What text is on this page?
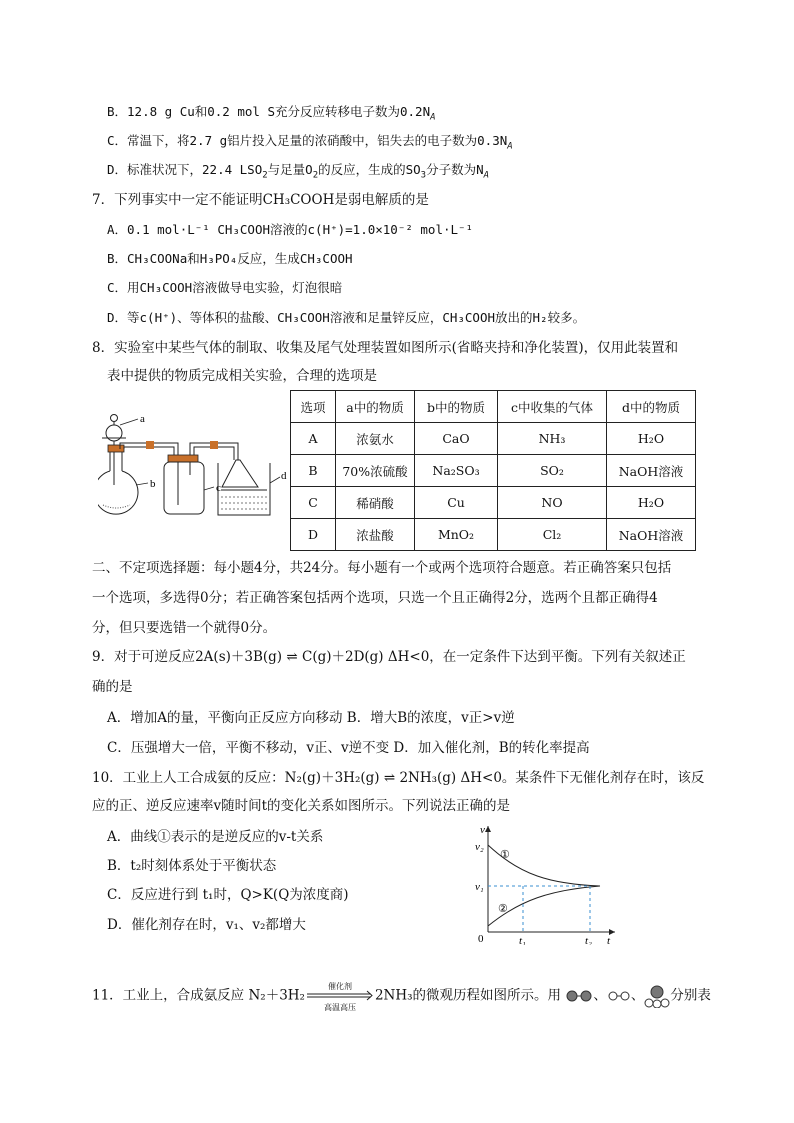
B．12.8 g Cu和0.2 mol S充分反应转移电子数为$0.2N_A$
C．常温下，将2.7 g铝片投入足量的浓硝酸中，铝失去的电子数为$0.3N_A$
D．标准状况下，22.4 $LSO_2$与足量$O_2$的反应，生成的$SO_3$分子数为$N_A$
7．下列事实中一定不能证明CH₃COOH是弱电解质的是
A．0.1 mol·L⁻¹ CH₃COOH溶液的c(H⁺)=1.0×10⁻² mol·L⁻¹
B．CH₃COONa和H₃PO₄反应，生成CH₃COOH
C．用CH₃COOH溶液做导电实验，灯泡很暗
D．等c(H⁺)、等体积的盐酸、CH₃COOH溶液和足量锌反应，CH₃COOH放出的H₂较多。
8．实验室中某些气体的制取、收集及尾气处理装置如图所示(省略夹持和净化装置)，仅用此装置和
表中提供的物质完成相关实验，合理的选项是
a
b	c
d
选项	a中的物质	b中的物质	c中收集的气体	d中的物质
A	浓氨水	CaO	NH₃	H₂O
B	70%浓硫酸	Na₂SO₃	SO₂	NaOH溶液
C	稀硝酸	Cu	NO	H₂O
D	浓盐酸	MnO₂	Cl₂	NaOH溶液
二、不定项选择题：每小题4分，共24分。每小题有一个或两个选项符合题意。若正确答案只包括
一个选项，多选得0分；若正确答案包括两个选项，只选一个且正确得2分，选两个且都正确得4
分，但只要选错一个就得0分。
9．对于可逆反应2A(s)＋3B(g) ⇌ C(g)＋2D(g) ΔH<0，在一定条件下达到平衡。下列有关叙述正
确的是
A．增加A的量，平衡向正反应方向移动 B．增大B的浓度，v正>v逆
C．压强增大一倍，平衡不移动，v正、v逆不变 D．加入催化剂，B的转化率提高
10．工业上人工合成氨的反应：N₂(g)＋3H₂(g) ⇌ 2NH₃(g) ΔH<0。某条件下无催化剂存在时，该反
应的正、逆反应速率v随时间t的变化关系如图所示。下列说法正确的是
A．曲线①表示的是逆反应的v-t关系
B．t₂时刻体系处于平衡状态
C．反应进行到 t₁时，Q>K(Q为浓度商)
D．催化剂存在时，v₁、v₂都增大
v
t
v₂
v₁
t₁	t₂
0
①
②
11．工业上，合成氨反应 N₂＋3H₂
催化剂
高温高压
2NH₃的微观历程如图所示。用 、 、 分别表
